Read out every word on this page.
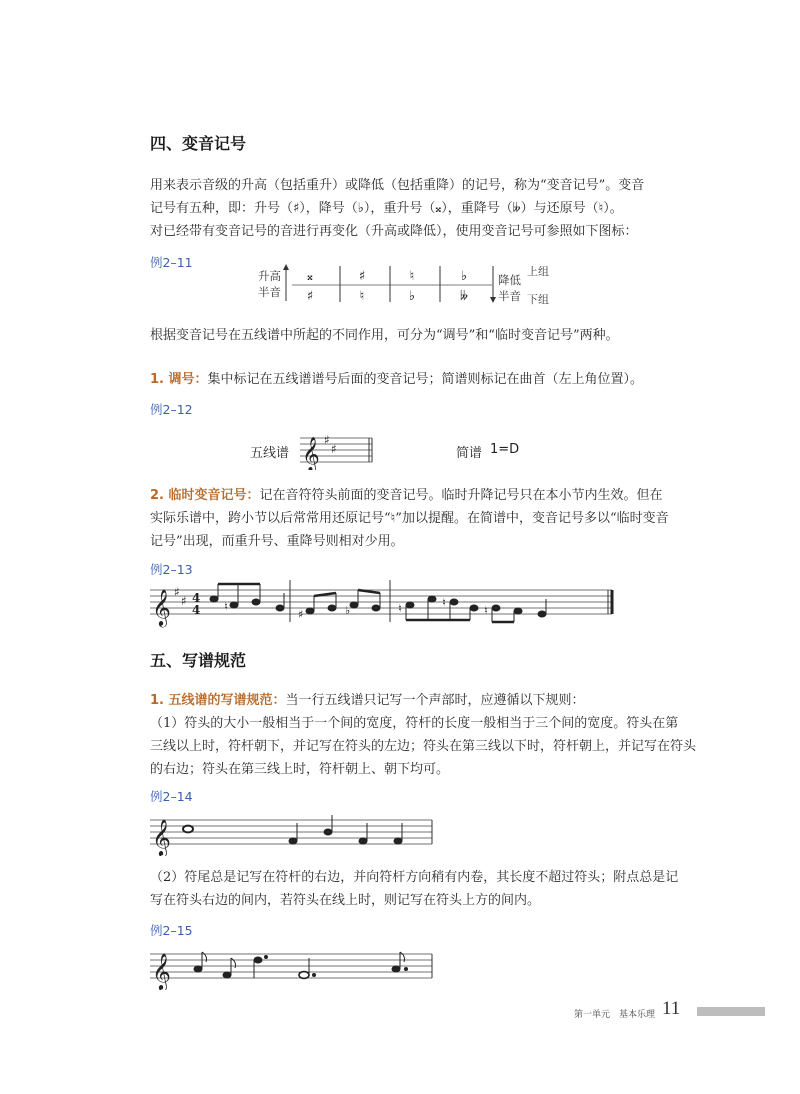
四、变音记号
用来表示音级的升高（包括重升）或降低（包括重降）的记号，称为“变音记号”。变音
记号有五种，即：升号（♯），降号（♭），重升号（𝄪），重降号（𝄫）与还原号（♮）。
对已经带有变音记号的音进行再变化（升高或降低），使用变音记号可参照如下图标：
例2–11
升高
半音
𝄪	♯	♮	♭
♯	♮	♭	𝄫
降低
半音
上组
下组
根据变音记号在五线谱中所起的不同作用，可分为“调号”和“临时变音记号”两种。
1. 调号：集中标记在五线谱谱号后面的变音记号；简谱则标记在曲首（左上角位置）。
例2–12
五线谱 𝄞 ♯
♯	简谱 1=D
2. 临时变音记号：记在音符符头前面的变音记号。临时升降记号只在本小节内生效。但在
实际乐谱中，跨小节以后常常用还原记号“♮”加以提醒。在简谱中，变音记号多以“临时变音
记号”出现，而重升号、重降号则相对少用。
例2–13
𝄞 ♯
♯ 4
4 ♮
♯	♭	♮	♮
♮
五、写谱规范
1. 五线谱的写谱规范：当一行五线谱只记写一个声部时，应遵循以下规则：
（1）符头的大小一般相当于一个间的宽度，符杆的长度一般相当于三个间的宽度。符头在第
三线以上时，符杆朝下，并记写在符头的左边；符头在第三线以下时，符杆朝上，并记写在符头
的右边；符头在第三线上时，符杆朝上、朝下均可。
例2–14
𝄞
（2）符尾总是记写在符杆的右边，并向符杆方向稍有内卷，其长度不超过符头；附点总是记
写在符头右边的间内，若符头在线上时，则记写在符头上方的间内。
例2–15
𝄞
第一单元　基本乐理 11
